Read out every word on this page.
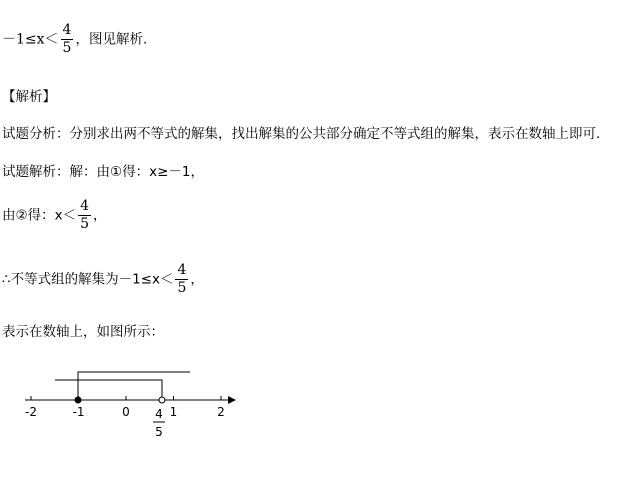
$-1\le x< \frac{4}{5}$ ，图见解析.
【解析】
试题分析：分别求出两不等式的解集，找出解集的公共部分确定不等式组的解集，表示在数轴上即可．
试题解析：解：由①得：x≥－1，
由②得：$x< \frac{4}{5}$ ，
∴不等式组的解集为$-1\le x< \frac{4}{5}$ ，
表示在数轴上，如图所示：
-2	-1	0	1	2
4
5
